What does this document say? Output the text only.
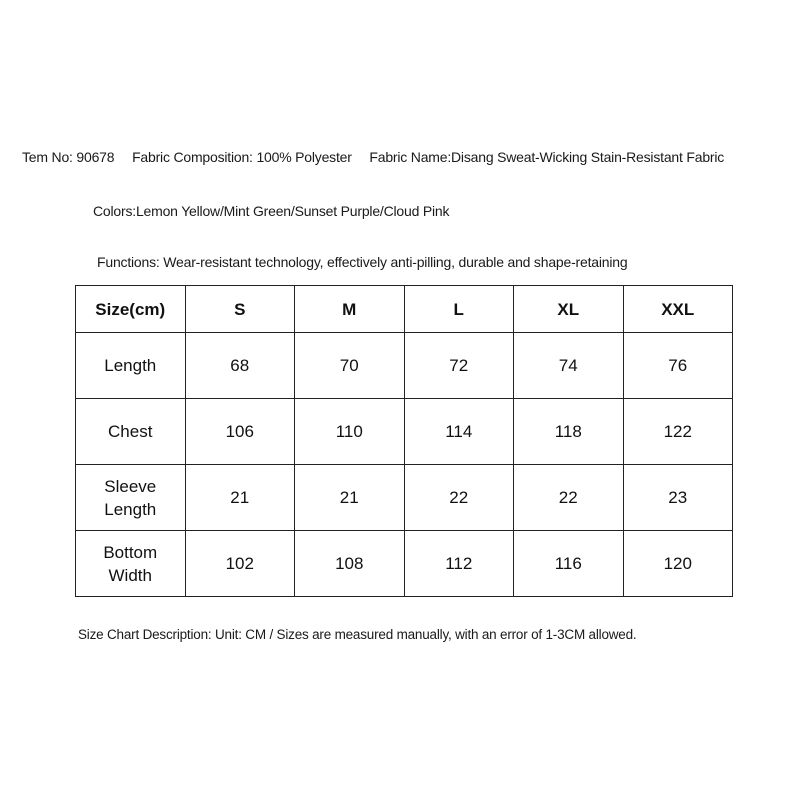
Tem No: 90678 Fabric Composition: 100% Polyester Fabric Name:Disang Sweat-Wicking Stain-Resistant Fabric
Colors:Lemon Yellow/Mint Green/Sunset Purple/Cloud Pink
Functions: Wear-resistant technology, effectively anti-pilling, durable and shape-retaining
Size(cm)	S	M	L	XL	XXL
Length	68	70	72	74	76
Chest	106	110	114	118	122
Sleeve
Length	21	21	22	22	23
Bottom
Width	102	108	112	116	120
Size Chart Description: Unit: CM / Sizes are measured manually, with an error of 1-3CM allowed.
